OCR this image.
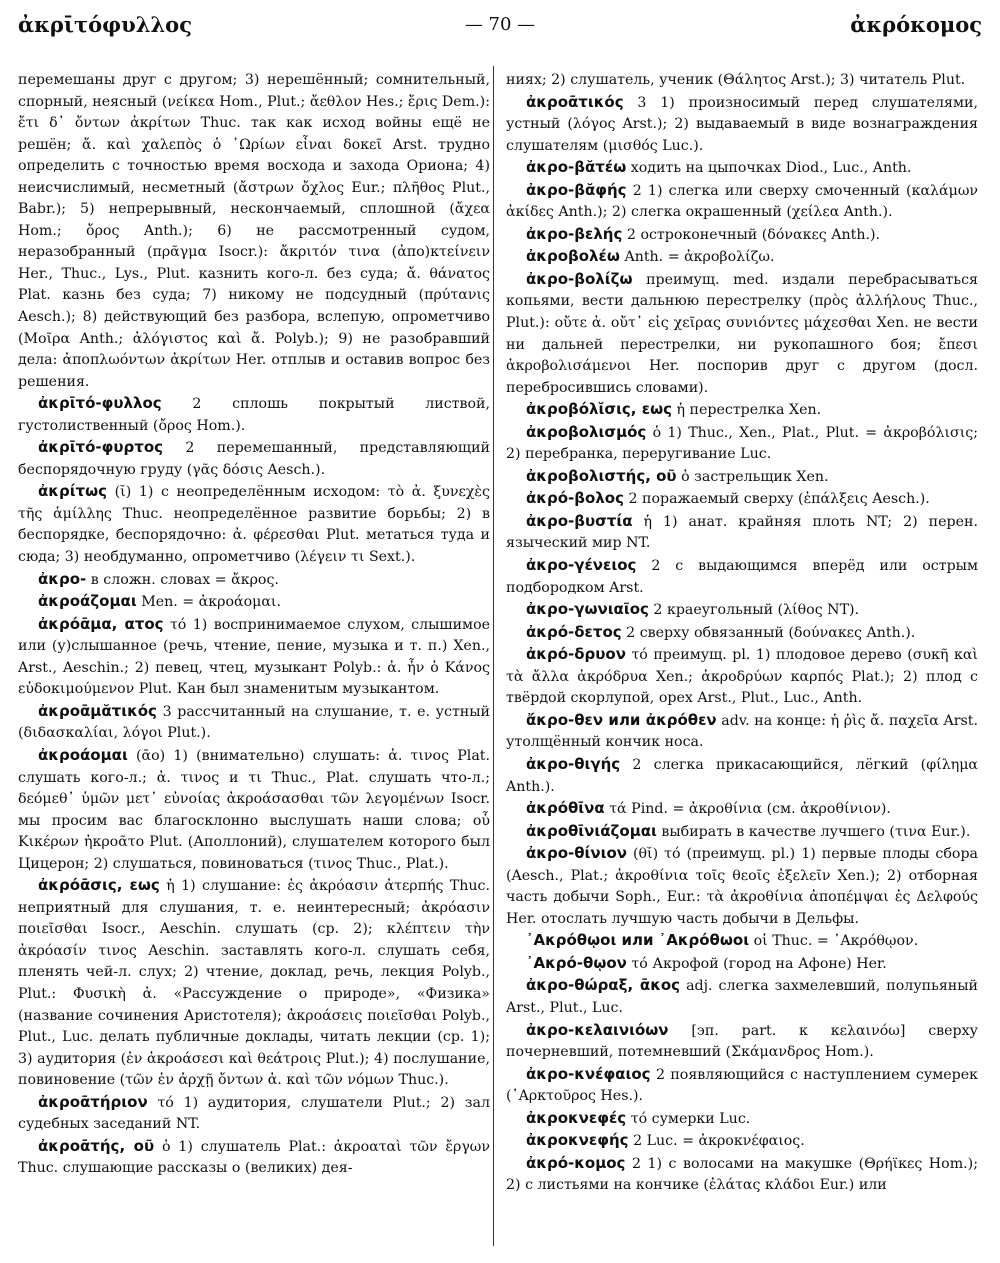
ἀκρῑτόφυλλος	— 70 —	ἀκρόκομος

перемешаны друг с другом; 3) нерешённый; сомнительный, спорный, неясный (νείκεα Hom., Plut.; ἄεθλον Hes.; ἔρις Dem.): ἔτι δ᾽ ὄντων ἀκρίτων Thuc. так как исход войны ещё не решён; ἄ. καὶ χαλεπὸς ὁ ᾿Ωρίων εἶναι δοκεῖ Arst. трудно определить с точностью время восхода и захода Ориона; 4) неисчислимый, несметный (ἄστρων ὄχλος Eur.; πλῆθος Plut., Babr.); 5) непрерывный, нескончаемый, сплошной (ἄχεα Hom.; ὄρος Anth.); 6) не рассмотренный судом, неразобранный (πρᾶγμα Isocr.): ἄκριτόν τινα (ἀπο)κτείνειν Her., Thuc., Lys., Plut. казнить кого-л. без суда; ἄ. θάνατος Plat. казнь без суда; 7) никому не подсудный (πρύτανις Aesch.); 8) действующий без разбора, вслепую, опрометчиво (Μοῖρα Anth.; ἀλόγιστος καὶ ἄ. Polyb.); 9) не разобравший дела: ἀποπλωόντων ἀκρίτων Her. отплыв и оставив вопрос без решения.

ἀκρῑτό-φυλλος 2 сплошь покрытый листвой, густолиственный (ὄρος Hom.).

ἀκρῑτό-φυρτος 2 перемешанный, представляющий беспорядочную груду (γᾶς δόσις Aesch.).

ἀκρίτως (ῐ) 1) с неопределённым исходом: τὸ ἀ. ξυνεχὲς τῆς ἁμίλλης Thuc. неопределённое развитие борьбы; 2) в беспорядке, беспорядочно: ἀ. φέρεσθαι Plut. метаться туда и сюда; 3) необдуманно, опрометчиво (λέγειν τι Sext.).

ἀκρο- в сложн. словах = ἄκρος.

ἀκροάζομαι Men. = ἀκροάομαι.

ἀκρόᾱμα, ατος τό 1) воспринимаемое слухом, слышимое или (у)слышанное (речь, чтение, пение, музыка и т. п.) Xen., Arst., Aeschin.; 2) певец, чтец, музыкант Polyb.: ἀ. ἦν ὁ Κάνος εὐδοκιμούμενον Plut. Кан был знаменитым музыкантом.

ἀκροᾱμᾰτικός 3 рассчитанный на слушание, т. е. устный (διδασκαλίαι, λόγοι Plut.).

ἀκροάομαι (ᾱο) 1) (внимательно) слушать: ἀ. τινος Plat. слушать кого-л.; ἀ. τινος и τι Thuc., Plat. слушать что-л.; δεόμεθ᾽ ὑμῶν μετ᾽ εὐνοίας ἀκροάσασθαι τῶν λεγομένων Isocr. мы просим вас благосклонно выслушать наши слова; οὗ Κικέρων ἠκροᾶτο Plut. (Аполлоний), слушателем которого был Цицерон; 2) слушаться, повиноваться (τινος Thuc., Plat.).

ἀκρόᾱσις, εως ἡ 1) слушание: ἐς ἀκρόασιν ἀτερπής Thuc. неприятный для слушания, т. е. неинтересный; ἀκρόασιν ποιεῖσθαι Isocr., Aeschin. слушать (ср. 2); κλέπτειν τὴν ἀκρόασίν τινος Aeschin. заставлять кого-л. слушать себя, пленять чей-л. слух; 2) чтение, доклад, речь, лекция Polyb., Plut.: Φυσικὴ ἀ. «Рассуждение о природе», «Физика» (название сочинения Аристотеля); ἀκροάσεις ποιεῖσθαι Polyb., Plut., Luc. делать публичные доклады, читать лекции (ср. 1); 3) аудитория (ἐν ἀκροάσεσι καὶ θεάτροις Plut.); 4) послушание, повиновение (τῶν ἐν ἀρχῇ ὄντων ἀ. καὶ τῶν νόμων Thuc.).

ἀκροᾱτήριον τό 1) аудитория, слушатели Plut.; 2) зал судебных заседаний NT.

ἀκροᾱτής, οῦ ὁ 1) слушатель Plat.: ἀκροαταὶ τῶν ἔργων Thuc. слушающие рассказы о (великих) дея-

ниях; 2) слушатель, ученик (Θάλητος Arst.); 3) читатель Plut.

ἀκροᾱτικός 3 1) произносимый перед слушателями, устный (λόγος Arst.); 2) выдаваемый в виде вознаграждения слушателям (μισθός Luc.).

ἀκρο-βᾰτέω ходить на цыпочках Diod., Luc., Anth.

ἀκρο-βᾰφής 2 1) слегка или сверху смоченный (καλάμων ἀκίδες Anth.); 2) слегка окрашенный (χείλεα Anth.).

ἀκρο-βελής 2 остроконечный (δόνακες Anth.).

ἀκροβολέω Anth. = ἀκροβολίζω.

ἀκρο-βολίζω преимущ. med. издали перебрасываться копьями, вести дальнюю перестрелку (πρὸς ἀλλήλους Thuc., Plut.): οὔτε ἀ. οὔτ᾽ εἰς χεῖρας συνιόντες μάχεσθαι Xen. не вести ни дальней перестрелки, ни рукопашного боя; ἔπεσι ἀκροβολισάμενοι Her. поспорив друг с другом (досл. перебросившись словами).

ἀκροβόλῐσις, εως ἡ перестрелка Xen.

ἀκροβολισμός ὁ 1) Thuc., Xen., Plat., Plut. = ἀκροβόλισις; 2) перебранка, переругивание Luc.

ἀκροβολιστής, οῦ ὁ застрельщик Xen.

ἀκρό-βολος 2 поражаемый сверху (ἐπάλξεις Aesch.).

ἀκρο-βυστία ἡ 1) анат. крайняя плоть NT; 2) перен. языческий мир NT.

ἀκρο-γένειος 2 с выдающимся вперёд или острым подбородком Arst.

ἀκρο-γωνιαῖος 2 краеугольный (λίθος NT).

ἀκρό-δετος 2 сверху обвязанный (δούνακες Anth.).

ἀκρό-δρυον τό преимущ. pl. 1) плодовое дерево (συκῆ καὶ τὰ ἄλλα ἀκρόδρυα Xen.; ἀκροδρύων καρπός Plat.); 2) плод с твёрдой скорлупой, орех Arst., Plut., Luc., Anth.

ἄκρο-θεν или ἀκρόθεν adv. на конце: ἡ ῥὶς ἄ. παχεῖα Arst. утолщённый кончик носа.

ἀκρο-θιγής 2 слегка прикасающийся, лёгкий (φίλημα Anth.).

ἀκρόθῑνα τά Pind. = ἀκροθίνια (см. ἀκροθίνιον).

ἀκροθῑνιάζομαι выбирать в качестве лучшего (τινα Eur.).

ἀκρο-θίνιον (θῐ) τό (преимущ. pl.) 1) первые плоды сбора (Aesch., Plat.; ἀκροθίνια τοῖς θεοῖς ἐξελεῖν Xen.); 2) отборная часть добычи Soph., Eur.: τὰ ἀκροθίνια ἀποπέμψαι ἐς Δελφούς Her. отослать лучшую часть добычи в Дельфы.

᾿Ακρόθῳοι или ᾿Ακρόθωοι οἱ Thuc. = ᾿Ακρόθῳον.

᾿Ακρό-θῳον τό Акрофой (город на Афоне) Her.

ἀκρο-θώραξ, ᾱκος adj. слегка захмелевший, полупьяный Arst., Plut., Luc.

ἀκρο-κελαινιόων [эп. part. к κελαινόω] сверху почерневший, потемневший (Σκάμανδρος Hom.).

ἀκρο-κνέφαιος 2 появляющийся с наступлением сумерек (᾿Αρκτοῦρος Hes.).

ἀκροκνεφές τό сумерки Luc.

ἀκροκνεφής 2 Luc. = ἀκροκνέφαιος.

ἀκρό-κομος 2 1) с волосами на макушке (Θρήϊκες Hom.); 2) с листьями на кончике (ἐλάτας κλάδοι Eur.) или
